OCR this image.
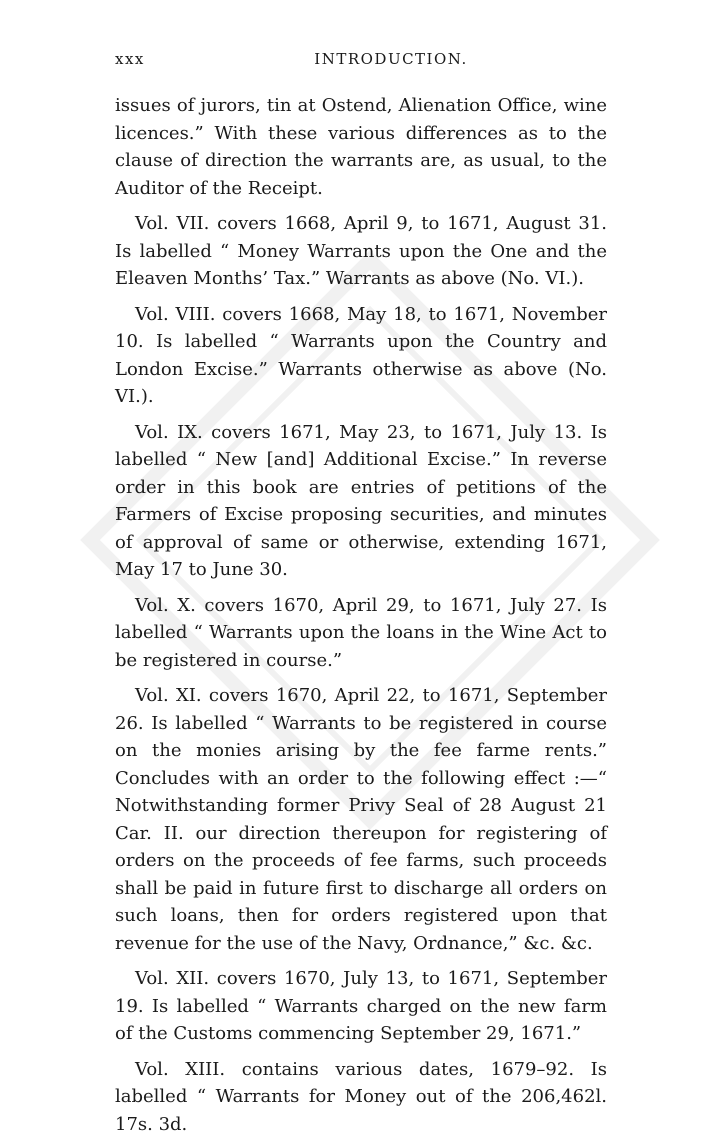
xxx	INTRODUCTION.

issues of jurors, tin at Ostend, Alienation Office, wine licences.” With these various differences as to the clause of direction the warrants are, as usual, to the Auditor of the Receipt.

Vol. VII. covers 1668, April 9, to 1671, August 31. Is labelled “ Money Warrants upon the One and the Eleaven Months’ Tax.” Warrants as above (No. VI.).

Vol. VIII. covers 1668, May 18, to 1671, November 10. Is labelled “ Warrants upon the Country and London Excise.” Warrants otherwise as above (No. VI.).

Vol. IX. covers 1671, May 23, to 1671, July 13. Is labelled “ New [and] Additional Excise.” In reverse order in this book are entries of petitions of the Farmers of Excise proposing securities, and minutes of approval of same or otherwise, extending 1671, May 17 to June 30.

Vol. X. covers 1670, April 29, to 1671, July 27. Is labelled “ Warrants upon the loans in the Wine Act to be registered in course.”

Vol. XI. covers 1670, April 22, to 1671, September 26. Is labelled “ Warrants to be registered in course on the monies arising by the fee farme rents.” Concludes with an order to the following effect :—“ Notwithstanding former Privy Seal of 28 August 21 Car. II. our direction thereupon for registering of orders on the proceeds of fee farms, such proceeds shall be paid in future first to discharge all orders on such loans, then for orders registered upon that revenue for the use of the Navy, Ordnance,” &c. &c.

Vol. XII. covers 1670, July 13, to 1671, September 19. Is labelled “ Warrants charged on the new farm of the Customs commencing September 29, 1671.”

Vol. XIII. contains various dates, 1679–92. Is labelled “ Warrants for Money out of the 206,462l. 17s. 3d.
